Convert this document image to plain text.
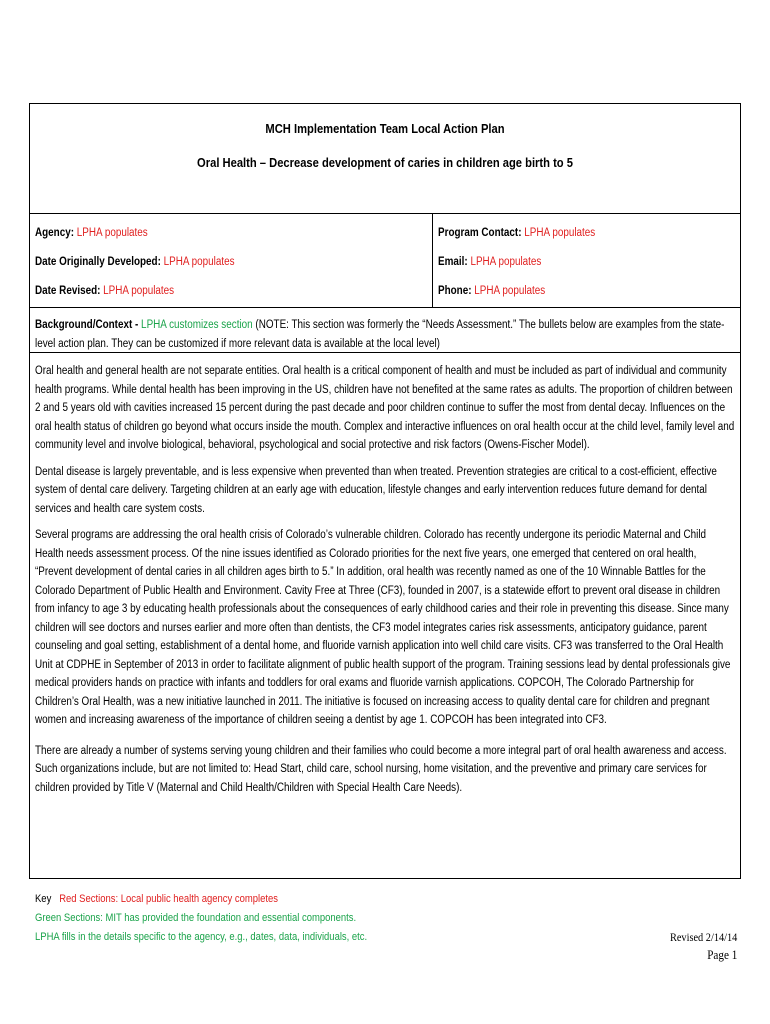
MCH Implementation Team Local Action Plan
Oral Health – Decrease development of caries in children age birth to 5
Agency: LPHA populates
Date Originally Developed: LPHA populates
Date Revised: LPHA populates
Program Contact: LPHA populates
Email: LPHA populates
Phone: LPHA populates
Background/Context - LPHA customizes section (NOTE: This section was formerly the “Needs Assessment.” The bullets below are examples from the state-level action plan. They can be customized if more relevant data is available at the local level)

Oral health and general health are not separate entities. Oral health is a critical component of health and must be included as part of individual and community health programs. While dental health has been improving in the US, children have not benefited at the same rates as adults. The proportion of children between 2 and 5 years old with cavities increased 15 percent during the past decade and poor children continue to suffer the most from dental decay. Influences on the oral health status of children go beyond what occurs inside the mouth. Complex and interactive influences on oral health occur at the child level, family level and community level and involve biological, behavioral, psychological and social protective and risk factors (Owens-Fischer Model).

Dental disease is largely preventable, and is less expensive when prevented than when treated. Prevention strategies are critical to a cost-efficient, effective system of dental care delivery. Targeting children at an early age with education, lifestyle changes and early intervention reduces future demand for dental services and health care system costs.

Several programs are addressing the oral health crisis of Colorado’s vulnerable children. Colorado has recently undergone its periodic Maternal and Child Health needs assessment process. Of the nine issues identified as Colorado priorities for the next five years, one emerged that centered on oral health, “Prevent development of dental caries in all children ages birth to 5.” In addition, oral health was recently named as one of the 10 Winnable Battles for the Colorado Department of Public Health and Environment. Cavity Free at Three (CF3), founded in 2007, is a statewide effort to prevent oral disease in children from infancy to age 3 by educating health professionals about the consequences of early childhood caries and their role in preventing this disease. Since many children will see doctors and nurses earlier and more often than dentists, the CF3 model integrates caries risk assessments, anticipatory guidance, parent counseling and goal setting, establishment of a dental home, and fluoride varnish application into well child care visits. CF3 was transferred to the Oral Health Unit at CDPHE in September of 2013 in order to facilitate alignment of public health support of the program. Training sessions lead by dental professionals give medical providers hands on practice with infants and toddlers for oral exams and fluoride varnish applications. COPCOH, The Colorado Partnership for Children’s Oral Health, was a new initiative launched in 2011. The initiative is focused on increasing access to quality dental care for children and pregnant women and increasing awareness of the importance of children seeing a dentist by age 1. COPCOH has been integrated into CF3.

There are already a number of systems serving young children and their families who could become a more integral part of oral health awareness and access. Such organizations include, but are not limited to: Head Start, child care, school nursing, home visitation, and the preventive and primary care services for children provided by Title V (Maternal and Child Health/Children with Special Health Care Needs).

Key Red Sections: Local public health agency completes
Green Sections: MIT has provided the foundation and essential components.
LPHA fills in the details specific to the agency, e.g., dates, data, individuals, etc.	Revised 2/14/14
Page 1
